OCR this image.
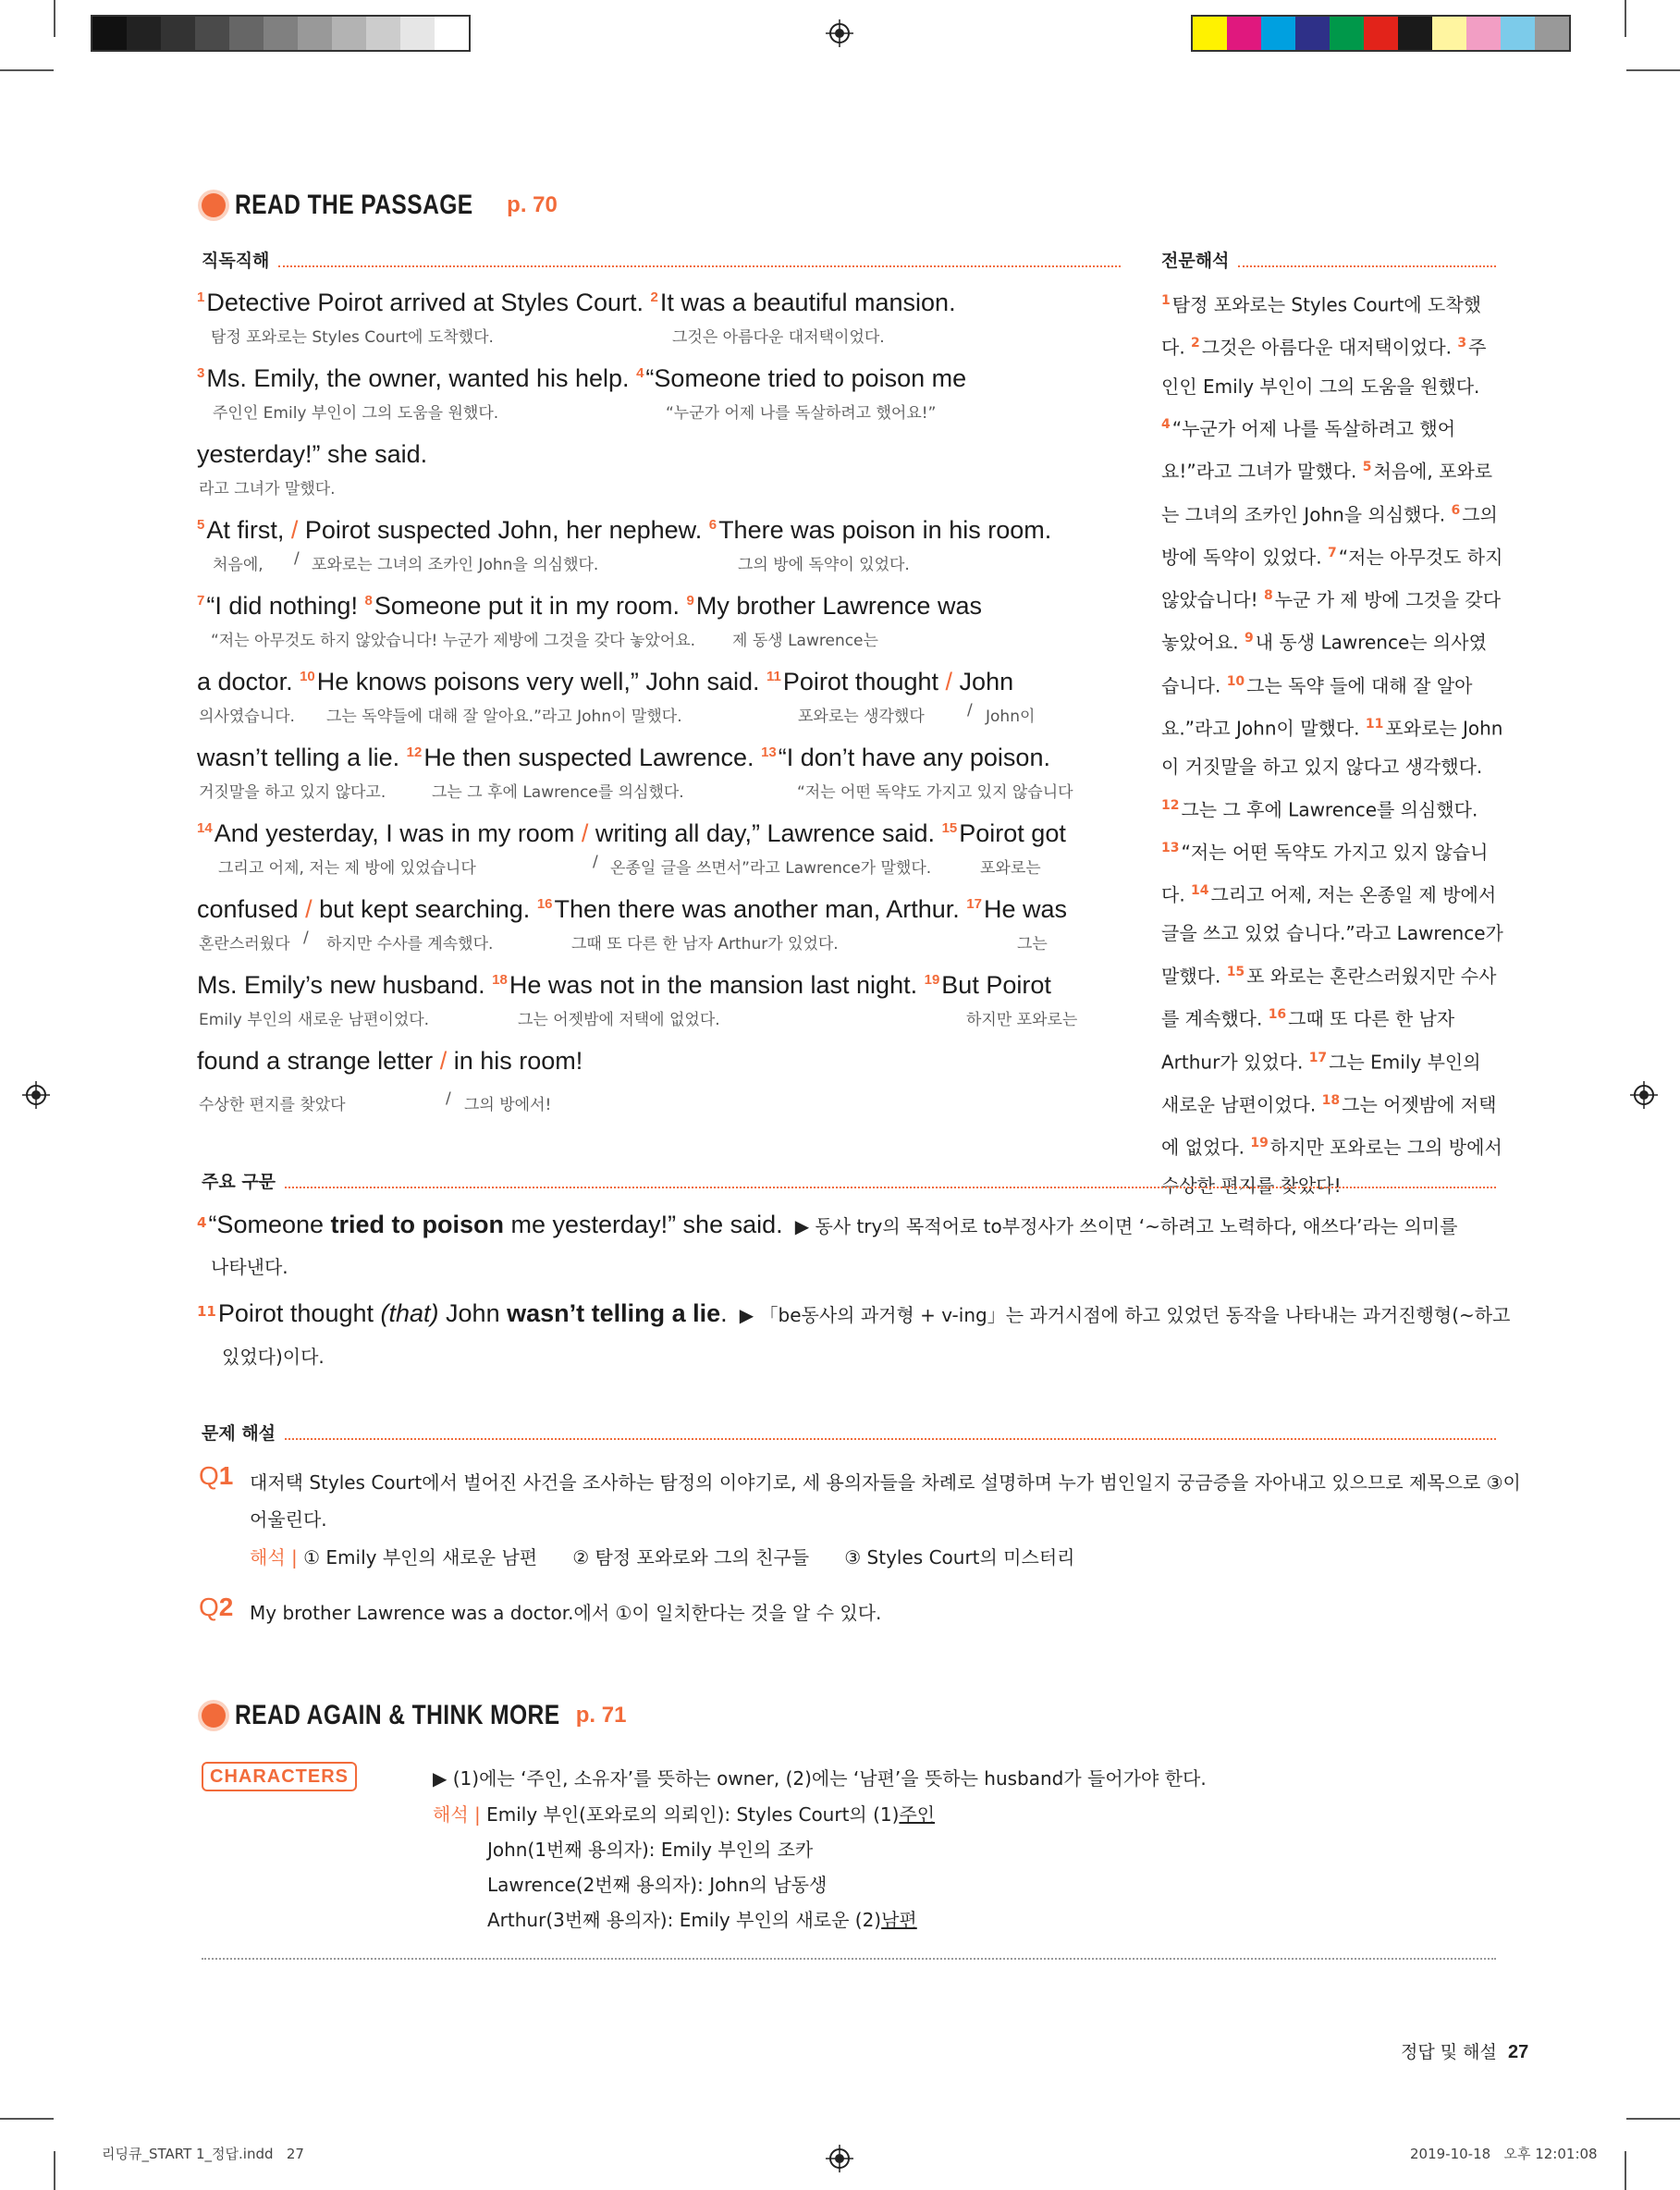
READ THE PASSAGE p. 70
직독직해	전문해석
$^1$Detective Poirot arrived at Styles Court. $^2$It was a beautiful mansion.
탐정 포와로는 Styles Court에 도착했다.	그것은 아름다운 대저택이었다.
$^3$Ms. Emily, the owner, wanted his help. $^4$“Someone tried to poison me
주인인 Emily 부인이 그의 도움을 원했다.	“누군가 어제 나를 독살하려고 했어요!”
yesterday!” she said.
라고 그녀가 말했다.
$^5$At first, / Poirot suspected John, her nephew. $^6$There was poison in his room.
처음에, / 포와로는 그녀의 조카인 John을 의심했다.	그의 방에 독약이 있었다.
$^7$“I did nothing! $^8$Someone put it in my room. $^9$My brother Lawrence was
“저는 아무것도 하지 않았습니다! 누군가 제방에 그것을 갖다 놓았어요. 제 동생 Lawrence는
a doctor. $^{10}$He knows poisons very well,” John said. $^{11}$Poirot thought / John
의사였습니다. 그는 독약들에 대해 잘 알아요.”라고 John이 말했다.	포와로는 생각했다	/ John이
wasn’t telling a lie. $^{12}$He then suspected Lawrence. $^{13}$“I don’t have any poison.
거짓말을 하고 있지 않다고.	그는 그 후에 Lawrence를 의심했다.	“저는 어떤 독약도 가지고 있지 않습니다
$^{14}$And yesterday, I was in my room / writing all day,” Lawrence said. $^{15}$Poirot got
그리고 어제, 저는 제 방에 있었습니다	/ 온종일 글을 쓰면서”라고 Lawrence가 말했다.	포와로는
confused / but kept searching. $^{16}$Then there was another man, Arthur. $^{17}$He was
혼란스러웠다 / 하지만 수사를 계속했다.	그때 또 다른 한 남자 Arthur가 있었다.	그는
Ms. Emily’s new husband. $^{18}$He was not in the mansion last night. $^{19}$But Poirot
Emily 부인의 새로운 남편이었다.	그는 어젯밤에 저택에 없었다.	하지만 포와로는
found a strange letter / in his room!
수상한 편지를 찾았다	/ 그의 방에서!
$^1$ 탐정 포와로는 Styles Court에 도착했 다. $^2$ 그것은 아름다운 대저택이었다. $^3$ 주인인 Emily 부인이 그의 도움을 원했다. $^4$ “누군가 어제 나를 독살하려고 했어요!”라고 그녀가 말했다. $^5$ 처음에, 포와로는 그녀의 조카인 John을 의심했다. $^6$ 그의 방에 독약이 있었다. $^7$ “저는 아무것도 하지 않았습니다! $^8$ 누군 가 제 방에 그것을 갖다 놓았어요. $^9$ 내 동생 Lawrence는 의사였습니다. $^{10}$ 그는 독약 들에 대해 잘 알아요.”라고 John이 말했다. $^{11}$ 포와로는 John이 거짓말을 하고 있지 않다고 생각했다. $^{12}$ 그는 그 후에 Lawrence를 의심했다. $^{13}$ “저는 어떤 독약도 가지고 있지 않습니다. $^{14}$ 그리고 어제, 저는 온종일 제 방에서 글을 쓰고 있었 습니다.”라고 Lawrence가 말했다. $^{15}$ 포 와로는 혼란스러웠지만 수사를 계속했다. $^{16}$ 그때 또 다른 한 남자 Arthur가 있었다. $^{17}$ 그는 Emily 부인의 새로운 남편이었다. $^{18}$ 그는 어젯밤에 저택에 없었다. $^{19}$ 하지만 포와로는 그의 방에서 수상한 편지를 찾았다!
주요 구문
4“Someone tried to poison me yesterday!” she said. ▶ 동사 try의 목적어로 to부정사가 쓰이면 ‘~하려고 노력하다, 애쓰다’라는 의미를
나타낸다.
11Poirot thought (that) John wasn’t telling a lie. ▶ 「be동사의 과거형 + v-ing」는 과거시점에 하고 있었던 동작을 나타내는 과거진행형(~하고
있었다)이다.
문제 해설
Q1 대저택 Styles Court에서 벌어진 사건을 조사하는 탐정의 이야기로, 세 용의자들을 차례로 설명하며 누가 범인일지 궁금증을 자아내고 있으므로 제목으로 ③이
어울린다.
해석 | ① Emily 부인의 새로운 남편      ② 탐정 포와로와 그의 친구들      ③ Styles Court의 미스터리
Q2 My brother Lawrence was a doctor.에서 ①이 일치한다는 것을 알 수 있다.
READ AGAIN & THINK MORE p. 71
CHARACTERS	▶ (1)에는 ‘주인, 소유자’를 뜻하는 owner, (2)에는 ‘남편’을 뜻하는 husband가 들어가야 한다.
해석 | Emily 부인(포와로의 의뢰인): Styles Court의 (1)주인
John(1번째 용의자): Emily 부인의 조카
Lawrence(2번째 용의자): John의 남동생
Arthur(3번째 용의자): Emily 부인의 새로운 (2)남편
정답 및 해설 27
리딩큐_START 1_정답.indd   27	2019-10-18   오후 12:01:08
